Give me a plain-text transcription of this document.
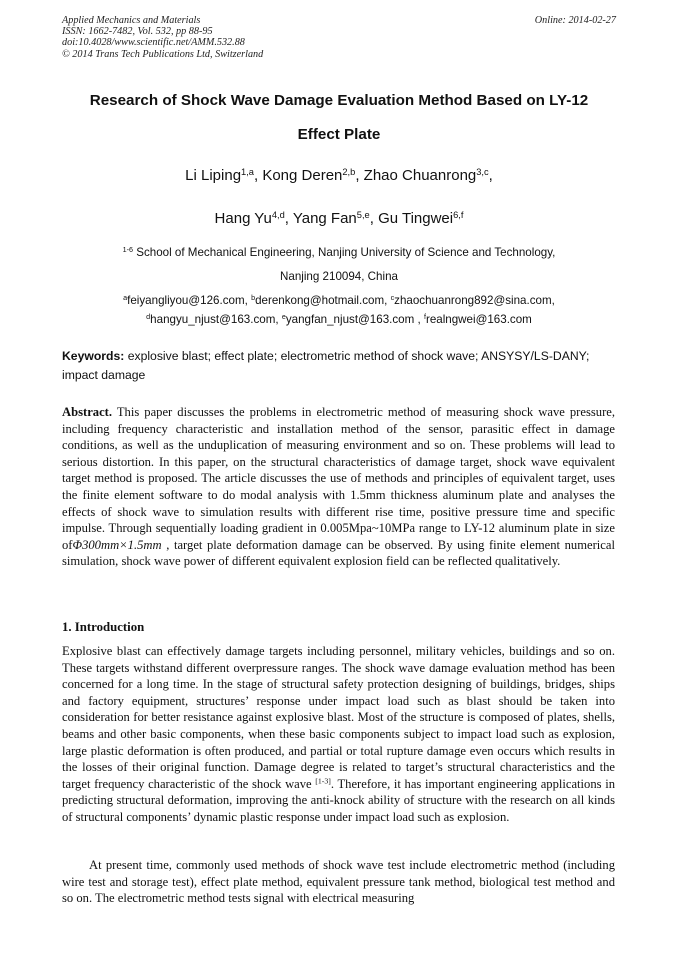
Applied Mechanics and Materials
ISSN: 1662-7482, Vol. 532, pp 88-95
doi:10.4028/www.scientific.net/AMM.532.88
© 2014 Trans Tech Publications Ltd, Switzerland
Online: 2014-02-27
Research of Shock Wave Damage Evaluation Method Based on LY-12
Effect Plate
Li Liping$^{1,a}$, Kong Deren$^{2,b}$, Zhao Chuanrong$^{3,c}$,
Hang Yu$^{4,d}$, Yang Fan$^{5,e}$, Gu Tingwei$^{6,f}$
$^{1-6}$ School of Mechanical Engineering, Nanjing University of Science and Technology,
Nanjing 210094, China
$^a$feiyangliyou@126.com, $^b$derenkong@hotmail.com, $^c$zhaochuanrong892@sina.com,
$^d$hangyu_njust@163.com, $^e$yangfan_njust@163.com , $^f$realngwei@163.com
Keywords: explosive blast; effect plate; electrometric method of shock wave; ANSYSY/LS-DANY; impact damage
Abstract. This paper discusses the problems in electrometric method of measuring shock wave pressure, including frequency characteristic and installation method of the sensor, parasitic effect in damage conditions, as well as the unduplication of measuring environment and so on. These problems will lead to serious distortion. In this paper, on the structural characteristics of damage target, shock wave equivalent target method is proposed. The article discusses the use of methods and principles of equivalent target, uses the finite element software to do modal analysis with 1.5mm thickness aluminum plate and analyses the effects of shock wave to simulation results with different rise time, positive pressure time and specific impulse. Through sequentially loading gradient in 0.005Mpa~10MPa range to LY-12 aluminum plate in size ofΦ300mm×1.5mm , target plate deformation damage can be observed. By using finite element numerical simulation, shock wave power of different equivalent explosion field can be reflected qualitatively.
1. Introduction
Explosive blast can effectively damage targets including personnel, military vehicles, buildings and so on. These targets withstand different overpressure ranges. The shock wave damage evaluation method has been concerned for a long time. In the stage of structural safety protection designing of buildings, bridges, ships and factory equipment, structures’ response under impact load such as blast should be taken into consideration for better resistance against explosive blast. Most of the structure is composed of plates, shells, beams and other basic components, when these basic components subject to impact load such as explosion, large plastic deformation is often produced, and partial or total rupture damage even occurs which results in the losses of their original function. Damage degree is related to target’s structural characteristics and the target frequency characteristic of the shock wave [1-3]. Therefore, it has important engineering applications in predicting structural deformation, improving the anti-knock ability of structure with the research on all kinds of structural components’ dynamic plastic response under impact load such as explosion.
At present time, commonly used methods of shock wave test include electrometric method (including wire test and storage test), effect plate method, equivalent pressure tank method, biological test method and so on. The electrometric method tests signal with electrical measuring
